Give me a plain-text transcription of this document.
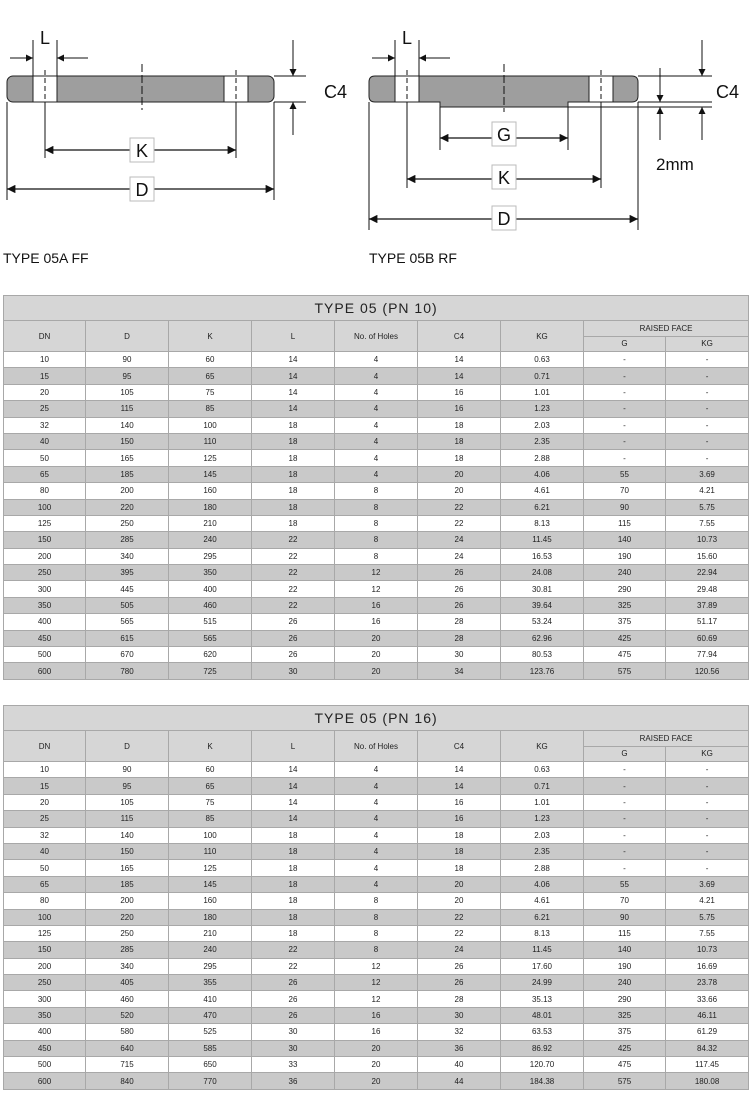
L
K
D
C4
L
G
K
D
C4
2mm
TYPE 05A FF	TYPE 05B RF
TYPE 05 (PN 10)								
DN	D	K	L	No. of Holes	C4	KG	RAISED FACE	
							G	KG
10	90	60	14	4	14	0.63	-	-
15	95	65	14	4	14	0.71	-	-
20	105	75	14	4	16	1.01	-	-
25	115	85	14	4	16	1.23	-	-
32	140	100	18	4	18	2.03	-	-
40	150	110	18	4	18	2.35	-	-
50	165	125	18	4	18	2.88	-	-
65	185	145	18	4	20	4.06	55	3.69
80	200	160	18	8	20	4.61	70	4.21
100	220	180	18	8	22	6.21	90	5.75
125	250	210	18	8	22	8.13	115	7.55
150	285	240	22	8	24	11.45	140	10.73
200	340	295	22	8	24	16.53	190	15.60
250	395	350	22	12	26	24.08	240	22.94
300	445	400	22	12	26	30.81	290	29.48
350	505	460	22	16	26	39.64	325	37.89
400	565	515	26	16	28	53.24	375	51.17
450	615	565	26	20	28	62.96	425	60.69
500	670	620	26	20	30	80.53	475	77.94
600	780	725	30	20	34	123.76	575	120.56
TYPE 05 (PN 16)								
DN	D	K	L	No. of Holes	C4	KG	RAISED FACE	
							G	KG
10	90	60	14	4	14	0.63	-	-
15	95	65	14	4	14	0.71	-	-
20	105	75	14	4	16	1.01	-	-
25	115	85	14	4	16	1.23	-	-
32	140	100	18	4	18	2.03	-	-
40	150	110	18	4	18	2.35	-	-
50	165	125	18	4	18	2.88	-	-
65	185	145	18	4	20	4.06	55	3.69
80	200	160	18	8	20	4.61	70	4.21
100	220	180	18	8	22	6.21	90	5.75
125	250	210	18	8	22	8.13	115	7.55
150	285	240	22	8	24	11.45	140	10.73
200	340	295	22	12	26	17.60	190	16.69
250	405	355	26	12	26	24.99	240	23.78
300	460	410	26	12	28	35.13	290	33.66
350	520	470	26	16	30	48.01	325	46.11
400	580	525	30	16	32	63.53	375	61.29
450	640	585	30	20	36	86.92	425	84.32
500	715	650	33	20	40	120.70	475	117.45
600	840	770	36	20	44	184.38	575	180.08
